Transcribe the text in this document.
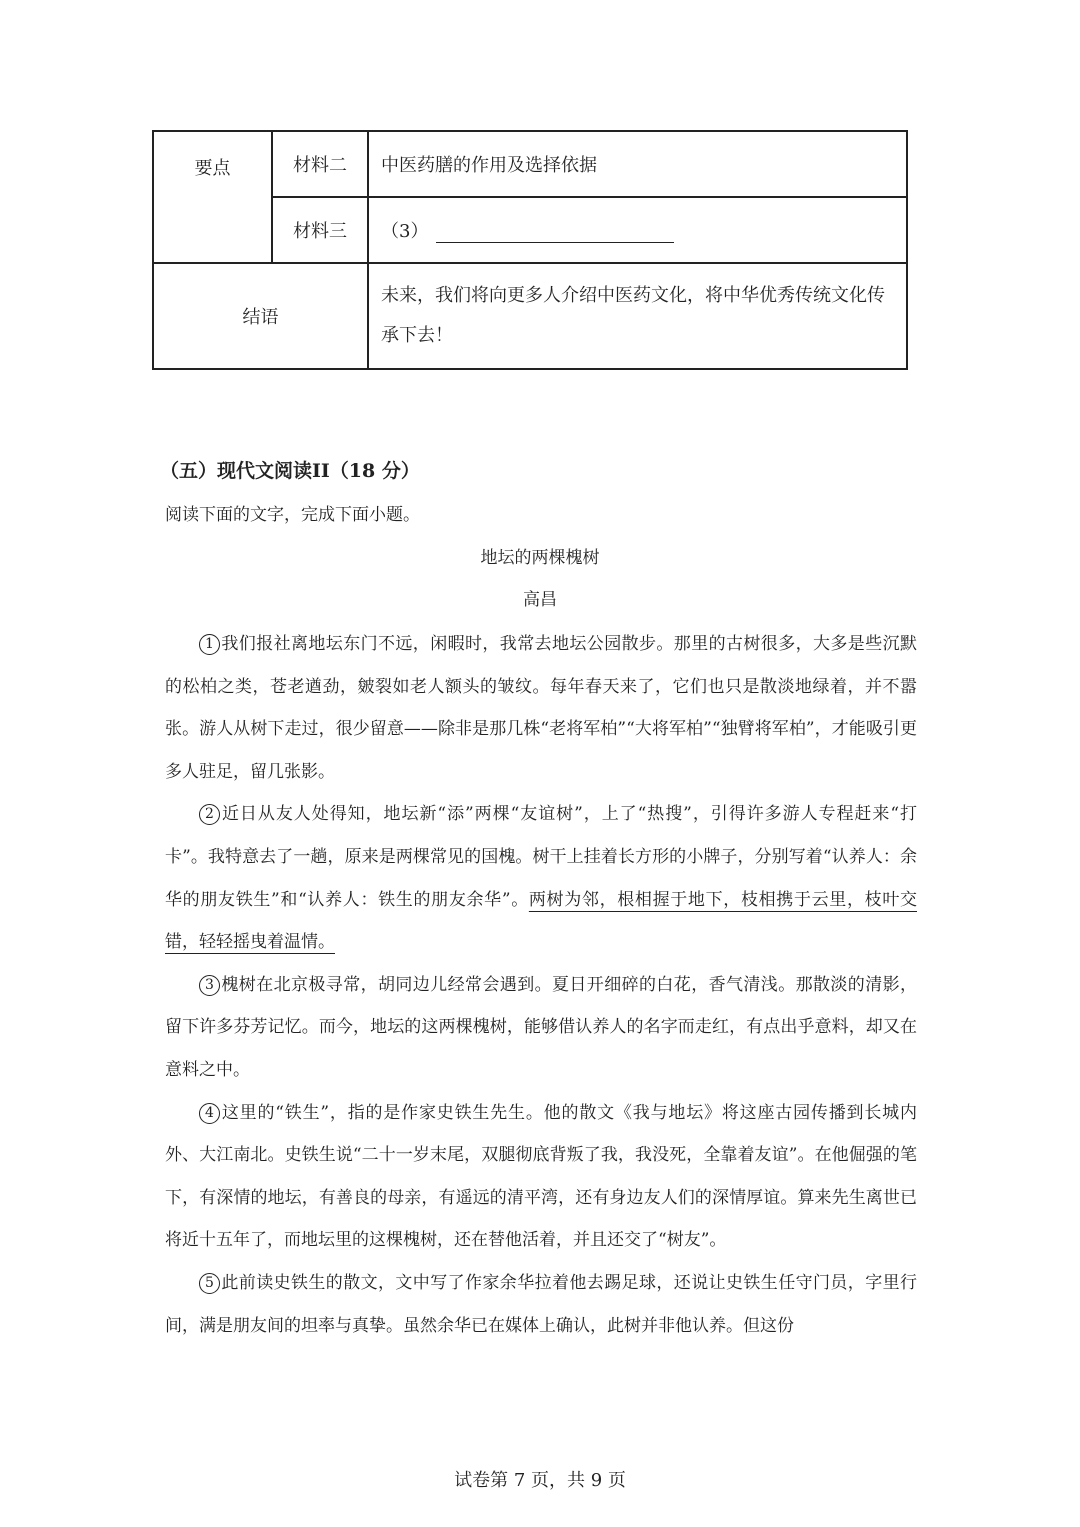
要点	材料二	中医药膳的作用及选择依据
	材料三	（3）
结语		未来，我们将向更多人介绍中医药文化，将中华优秀传统文化传承下去！
（五）现代文阅读II（18 分）
阅读下面的文字，完成下面小题。
地坛的两棵槐树
高昌

1 我们报社离地坛东门不远，闲暇时，我常去地坛公园散步。那里的古树很多，大多是些沉默的松柏之类，苍老遒劲，皴裂如老人额头的皱纹。每年春天来了，它们也只是散淡地绿着，并不嚣张。游人从树下走过，很少留意——除非是那几株“老将军柏”“大将军柏”“独臂将军柏”，才能吸引更多人驻足，留几张影。

2 近日从友人处得知，地坛新“添”两棵“友谊树”，上了“热搜”，引得许多游人专程赶来“打卡”。我特意去了一趟，原来是两棵常见的国槐。树干上挂着长方形的小牌子，分别写着“认养人：余华的朋友铁生”和“认养人：铁生的朋友余华”。两树为邻，根相握于地下，枝相携于云里，枝叶交错，轻轻摇曳着温情。

3 槐树在北京极寻常，胡同边儿经常会遇到。夏日开细碎的白花，香气清浅。那散淡的清影，留下许多芬芳记忆。而今，地坛的这两棵槐树，能够借认养人的名字而走红，有点出乎意料，却又在意料之中。

4 这里的“铁生”，指的是作家史铁生先生。他的散文《我与地坛》将这座古园传播到长城内外、大江南北。史铁生说“二十一岁末尾，双腿彻底背叛了我，我没死，全靠着友谊”。在他倔强的笔下，有深情的地坛，有善良的母亲，有遥远的清平湾，还有身边友人们的深情厚谊。算来先生离世已将近十五年了，而地坛里的这棵槐树，还在替他活着，并且还交了“树友”。

5 此前读史铁生的散文，文中写了作家余华拉着他去踢足球，还说让史铁生任守门员，字里行间，满是朋友间的坦率与真挚。虽然余华已在媒体上确认，此树并非他认养。但这份

试卷第 7 页，共 9 页
